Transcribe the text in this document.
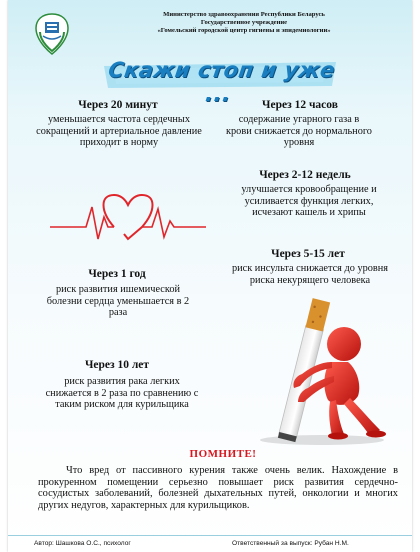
Министерство здравоохранения Республики Беларусь
Государственное учреждение
«Гомельский городской центр гигиены и эпидемиологии»
Скажи стоп и уже ...
Через 20 минут
уменьшается частота сердечных сокращений и артериальное давление приходит в норму
Через 12 часов
содержание угарного газа в крови снижается до нормального уровня
Через 2-12 недель
улучшается кровообращение и усиливается функция легких, исчезают кашель и хрипы
Через 5-15 лет
риск инсульта снижается до уровня риска некурящего человека
Через 1 год
риск развития ишемической болезни сердца уменьшается в 2 раза
Через 10 лет
риск развития рака легких снижается в 2 раза по сравнению с таким риском для курильщика
ПОМНИТЕ!
Что вред от пассивного курения также очень велик. Нахождение в прокуренном помещении серьезно повышает риск развития сердечно-сосудистых заболеваний, болезней дыхательных путей, онкологии и многих других недугов, характерных для курильщиков.
Автор: Шашкова О.С., психолог	Ответственный за выпуск: Рубан Н.М.
